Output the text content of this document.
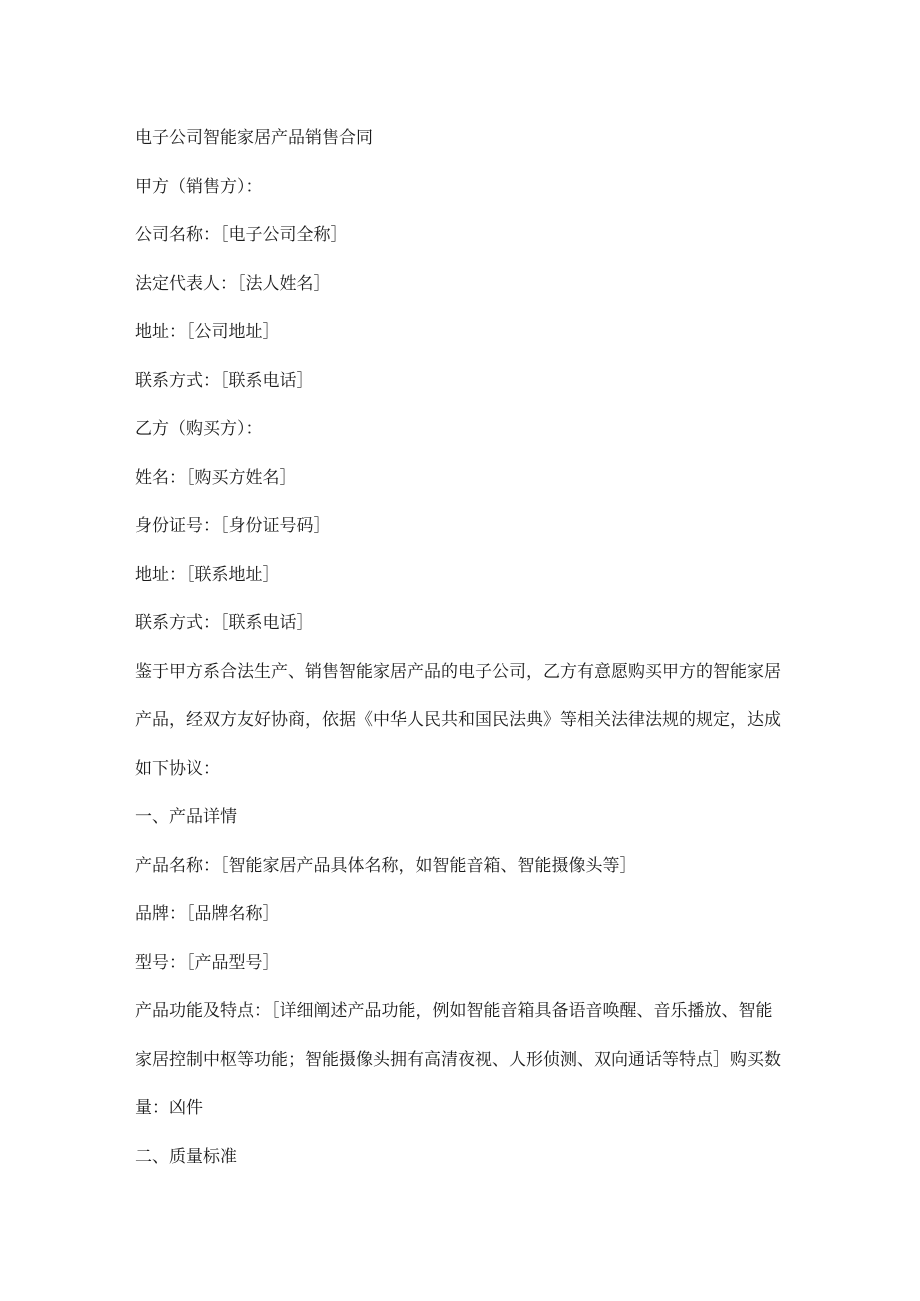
电子公司智能家居产品销售合同
甲方（销售方）：
公司名称：［电子公司全称］
法定代表人：［法人姓名］
地址：［公司地址］
联系方式：［联系电话］
乙方（购买方）：
姓名：［购买方姓名］
身份证号：［身份证号码］
地址：［联系地址］
联系方式：［联系电话］
鉴于甲方系合法生产、销售智能家居产品的电子公司，乙方有意愿购买甲方的智能家居
产品，经双方友好协商，依据《中华人民共和国民法典》等相关法律法规的规定，达成
如下协议：
一、产品详情
产品名称：［智能家居产品具体名称，如智能音箱、智能摄像头等］
品牌：［品牌名称］
型号：［产品型号］
产品功能及特点：［详细阐述产品功能，例如智能音箱具备语音唤醒、音乐播放、智能
家居控制中枢等功能；智能摄像头拥有高清夜视、人形侦测、双向通话等特点］购买数
量：凶件
二、质量标准
